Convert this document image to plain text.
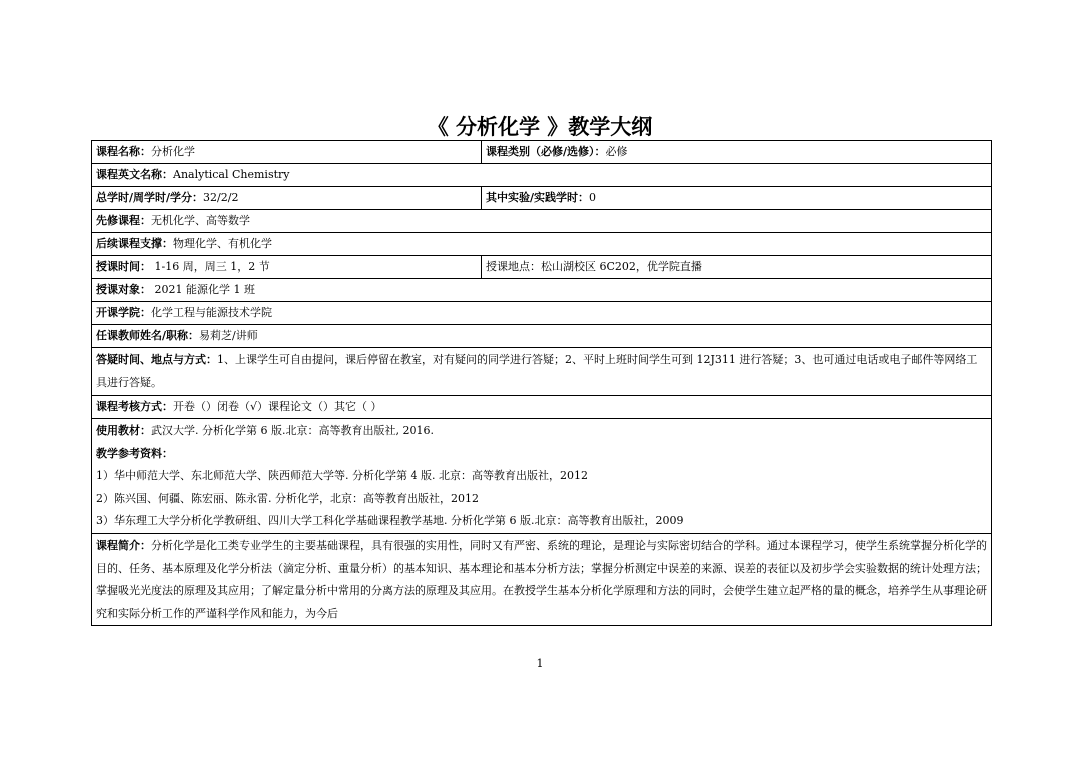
《 分析化学 》教学大纲
课程名称：分析化学	课程类别（必修/选修）：必修
课程英文名称：Analytical Chemistry	
总学时/周学时/学分：32/2/2	其中实验/实践学时：0
先修课程：无机化学、高等数学	
后续课程支撑：物理化学、有机化学	
授课时间： 1-16 周，周三 1，2 节	授课地点：松山湖校区 6C202，优学院直播
授课对象： 2021 能源化学 1 班	
开课学院：化学工程与能源技术学院	
任课教师姓名/职称：易莉芝/讲师	
答疑时间、地点与方式：1、上课学生可自由提问，课后停留在教室，对有疑问的同学进行答疑；2、平时上班时间学生可到 12J311 进行答疑；3、也可通过电话或电子邮件等网络工具进行答疑。	
课程考核方式：开卷（）闭卷（√）课程论文（）其它（ ）	

使用教材：武汉大学. 分析化学第 6 版.北京：高等教育出版社, 2016.
教学参考资料：
1）华中师范大学、东北师范大学、陕西师范大学等. 分析化学第 4 版. 北京：高等教育出版社，2012
2）陈兴国、何疆、陈宏丽、陈永雷. 分析化学，北京：高等教育出版社，2012
3）华东理工大学分析化学教研组、四川大学工科化学基础课程教学基地. 分析化学第 6 版.北京：高等教育出版社，2009	

课程简介：分析化学是化工类专业学生的主要基础课程，具有很强的实用性，同时又有严密、系统的理论，是理论与实际密切结合的学科。通过本课程学习，使学生系统掌握分析化学的目的、任务、基本原理及化学分析法（滴定分析、重量分析）的基本知识、基本理论和基本分析方法；掌握分析测定中误差的来源、误差的表征以及初步学会实验数据的统计处理方法；掌握吸光光度法的原理及其应用；了解定量分析中常用的分离方法的原理及其应用。在教授学生基本分析化学原理和方法的同时，会使学生建立起严格的量的概念，培养学生从事理论研究和实际分析工作的严谨科学作风和能力，为今后	
1
